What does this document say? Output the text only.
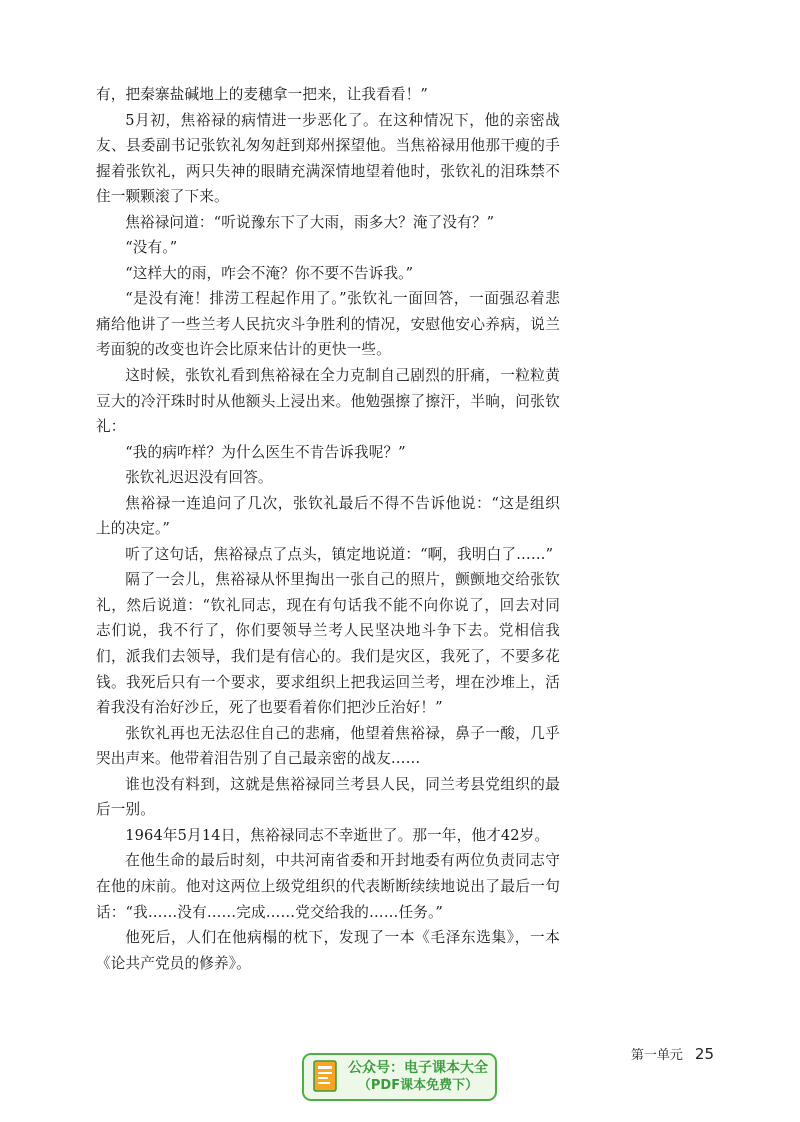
有，把秦寨盐碱地上的麦穗拿一把来，让我看看！”

5月初，焦裕禄的病情进一步恶化了。在这种情况下，他的亲密战友、县委副书记张钦礼匆匆赶到郑州探望他。当焦裕禄用他那干瘦的手握着张钦礼，两只失神的眼睛充满深情地望着他时，张钦礼的泪珠禁不住一颗颗滚了下来。

焦裕禄问道：“听说豫东下了大雨，雨多大？淹了没有？”

“没有。”

“这样大的雨，咋会不淹？你不要不告诉我。”

“是没有淹！排涝工程起作用了。”张钦礼一面回答，一面强忍着悲痛给他讲了一些兰考人民抗灾斗争胜利的情况，安慰他安心养病，说兰考面貌的改变也许会比原来估计的更快一些。

这时候，张钦礼看到焦裕禄在全力克制自己剧烈的肝痛，一粒粒黄豆大的冷汗珠时时从他额头上浸出来。他勉强擦了擦汗，半晌，问张钦礼：

“我的病咋样？为什么医生不肯告诉我呢？”

张钦礼迟迟没有回答。

焦裕禄一连追问了几次，张钦礼最后不得不告诉他说：“这是组织上的决定。”

听了这句话，焦裕禄点了点头，镇定地说道：“啊，我明白了……”

隔了一会儿，焦裕禄从怀里掏出一张自己的照片，颤颤地交给张钦礼，然后说道：“钦礼同志，现在有句话我不能不向你说了，回去对同志们说，我不行了，你们要领导兰考人民坚决地斗争下去。党相信我们，派我们去领导，我们是有信心的。我们是灾区，我死了，不要多花钱。我死后只有一个要求，要求组织上把我运回兰考，埋在沙堆上，活着我没有治好沙丘，死了也要看着你们把沙丘治好！”

张钦礼再也无法忍住自己的悲痛，他望着焦裕禄，鼻子一酸，几乎哭出声来。他带着泪告别了自己最亲密的战友……

谁也没有料到，这就是焦裕禄同兰考县人民，同兰考县党组织的最后一别。

1964年5月14日，焦裕禄同志不幸逝世了。那一年，他才42岁。

在他生命的最后时刻，中共河南省委和开封地委有两位负责同志守在他的床前。他对这两位上级党组织的代表断断续续地说出了最后一句话：“我……没有……完成……党交给我的……任务。”

他死后，人们在他病榻的枕下，发现了一本《毛泽东选集》，一本《论共产党员的修养》。

第一单元 25
公众号：电子课本大全
（PDF课本免费下）
